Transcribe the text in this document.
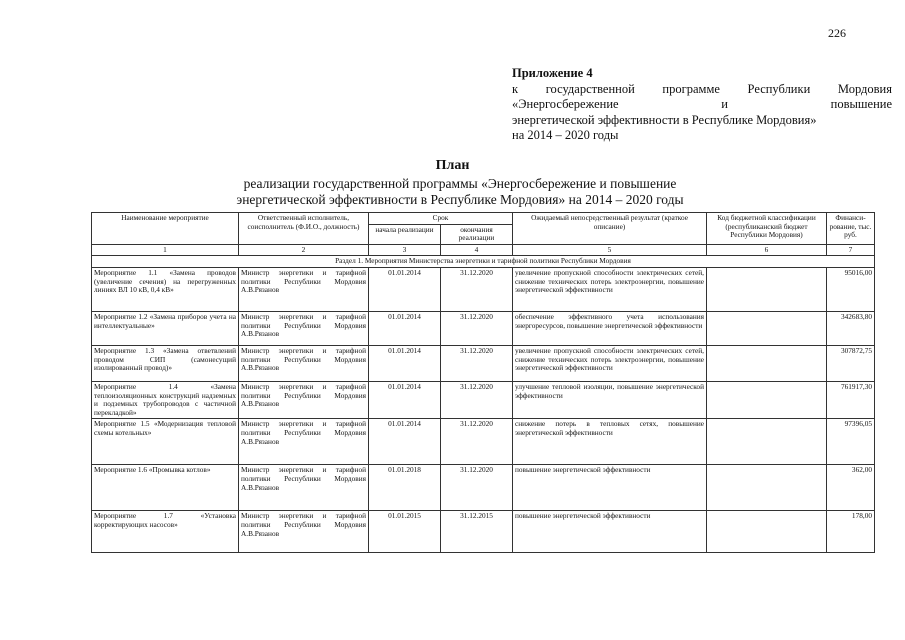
226
Приложение 4
к государственной программе Республики Мордовия
«Энергосбережение и повышение
энергетической эффективности в Республике Мордовия»
на 2014 – 2020 годы
План
реализации государственной программы «Энергосбережение и повышение
энергетической эффективности в Республике Мордовия» на 2014 – 2020 годы
Наименование мероприятие	Ответственный исполнитель, соисполнитель (Ф.И.О., должность)	Срок		Ожидаемый непосредственный результат (краткое описание)	Код бюджетной классификации (республиканский бюджет Республики Мордовия)	Финанси-рование, тыс. руб.
		начала реализации	окончания реализации			
1	2	3	4	5	6	7
Раздел 1. Мероприятия Министерства энергетики и тарифной политики Республики Мордовия						
Мероприятие 1.1 «Замена проводов (увеличение сечения) на перегруженных линиях ВЛ 10 кВ, 0,4 кВ»	Министр энергетики и тарифной политики Республики Мордовия А.В.Рязанов	01.01.2014	31.12.2020	увеличение пропускной способности электрических сетей, снижение технических потерь электроэнергии, повышение энергетической эффективности		95016,00
Мероприятие 1.2 «Замена приборов учета на интеллектуальные»	Министр энергетики и тарифной политики Республики Мордовия А.В.Рязанов	01.01.2014	31.12.2020	обеспечение эффективного учета использования энергоресурсов, повышение энергетической эффективности		342683,80
Мероприятие 1.3 «Замена ответвлений проводом СИП (самонесущий изолированный провод)»	Министр энергетики и тарифной политики Республики Мордовия А.В.Рязанов	01.01.2014	31.12.2020	увеличение пропускной способности электрических сетей, снижение технических потерь электроэнергии, повышение энергетической эффективности		307872,75
Мероприятие 1.4 «Замена теплоизоляционных конструкций надземных и подземных трубопроводов с частичной перекладкой»	Министр энергетики и тарифной политики Республики Мордовия А.В.Рязанов	01.01.2014	31.12.2020	улучшение тепловой изоляции, повышение энергетической эффективности		761917,30
Мероприятие 1.5 «Модернизация тепловой схемы котельных»	Министр энергетики и тарифной политики Республики Мордовия А.В.Рязанов	01.01.2014	31.12.2020	снижение потерь в тепловых сетях, повышение энергетической эффективности		97396,05
Мероприятие 1.6 «Промывка котлов»	Министр энергетики и тарифной политики Республики Мордовия А.В.Рязанов	01.01.2018	31.12.2020	повышение энергетической эффективности		362,00
Мероприятие 1.7 «Установка корректирующих насосов»	Министр энергетики и тарифной политики Республики Мордовия А.В.Рязанов	01.01.2015	31.12.2015	повышение энергетической эффективности		178,00
